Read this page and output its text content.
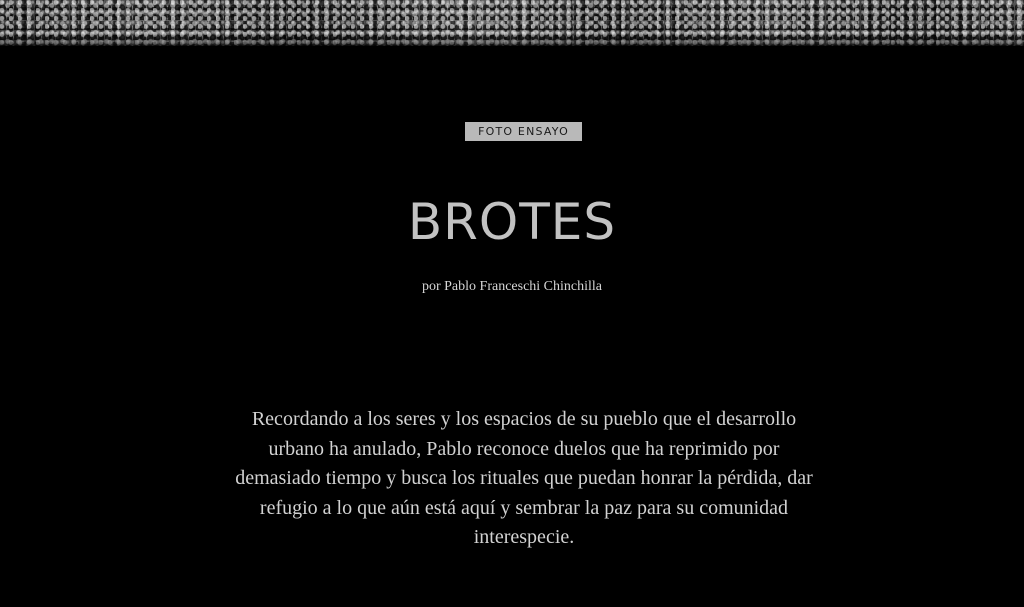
FOTO ENSAYO
BROTES
por Pablo Franceschi Chinchilla

Recordando a los seres y los espacios de su pueblo que el desarrollo urbano ha anulado, Pablo reconoce duelos que ha reprimido por demasiado tiempo y busca los rituales que puedan honrar la pérdida, dar refugio a lo que aún está aquí y sembrar la paz para su comunidad interespecie.
